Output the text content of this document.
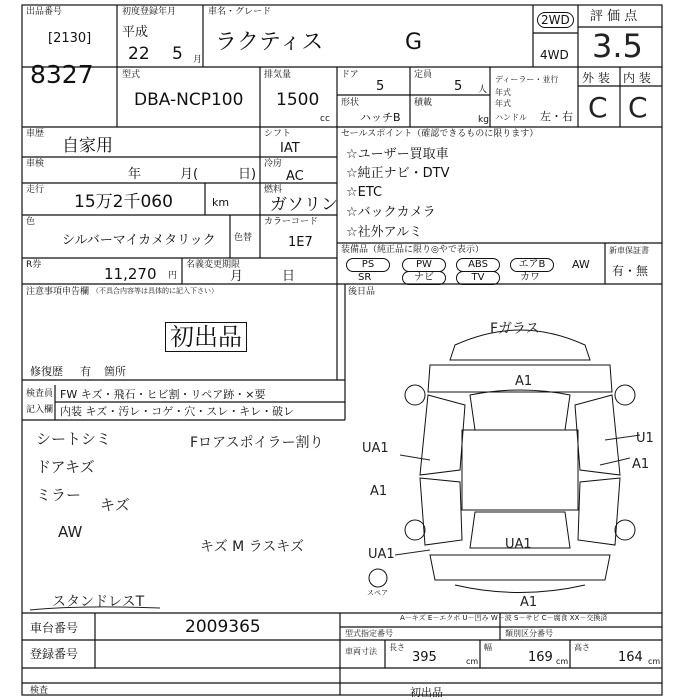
出品番号
[2130]
8327
初度登録年月
平成
22 5 月
車名・グレード
ラクティス	G
2WD
4WD
評 価 点
3.5
外 装 内 装
C C
型式
DBA-NCP100
排気量
1500
cc
ドア
5
定員
5 人
形状
ハッチB
積載
kg
ディーラー・並行
年式
年式
ハンドル 左・右
車歴
自家用
シフト
IAT
車検
年	月(	日)
冷房
AC
走行
15万2千060	km
燃料
ガソリン
色
シルバーマイカメタリック 色替
カラーコード
1E7
R券	11,270 円
名義変更期限
月	日
セールスポイント（確認できるものに限ります）
☆ユーザー買取車
☆純正ナビ・DTV
☆ETC
☆バックカメラ
☆社外アルミ
装備品（純正品に限り◎やで表示）
PS	PW	ABS	エアB	AW
SR	ナビ	TV	カワ
新車保証書
有・無
後日品
注意事項申告欄 （不具合内容等は具体的に記入下さい）
初出品
修復歴 有 箇所
検査員
記入欄
FW キズ・飛石・ヒビ割・リペア跡・×要
内装 キズ・汚レ・コゲ・穴・スレ・キレ・破レ
シートシミ
ドアキズ
ミラー
キズ
AW
スタンドレスT
Fロアスポイラー割り
キズ M ラスキズ
Fガラス
A1
UA1
A1
A1
UA1
UA1
A1
U1
スペア
A－キズ E－エクボ U－凹み W－波 S－サビ C－腐食 XX－交換済
車台番号	2009365
登録番号
型式指定番号	類別区分番号
車両寸法 長さ
395	cm
幅
169 cm
高さ
164 cm
検査	初出品
